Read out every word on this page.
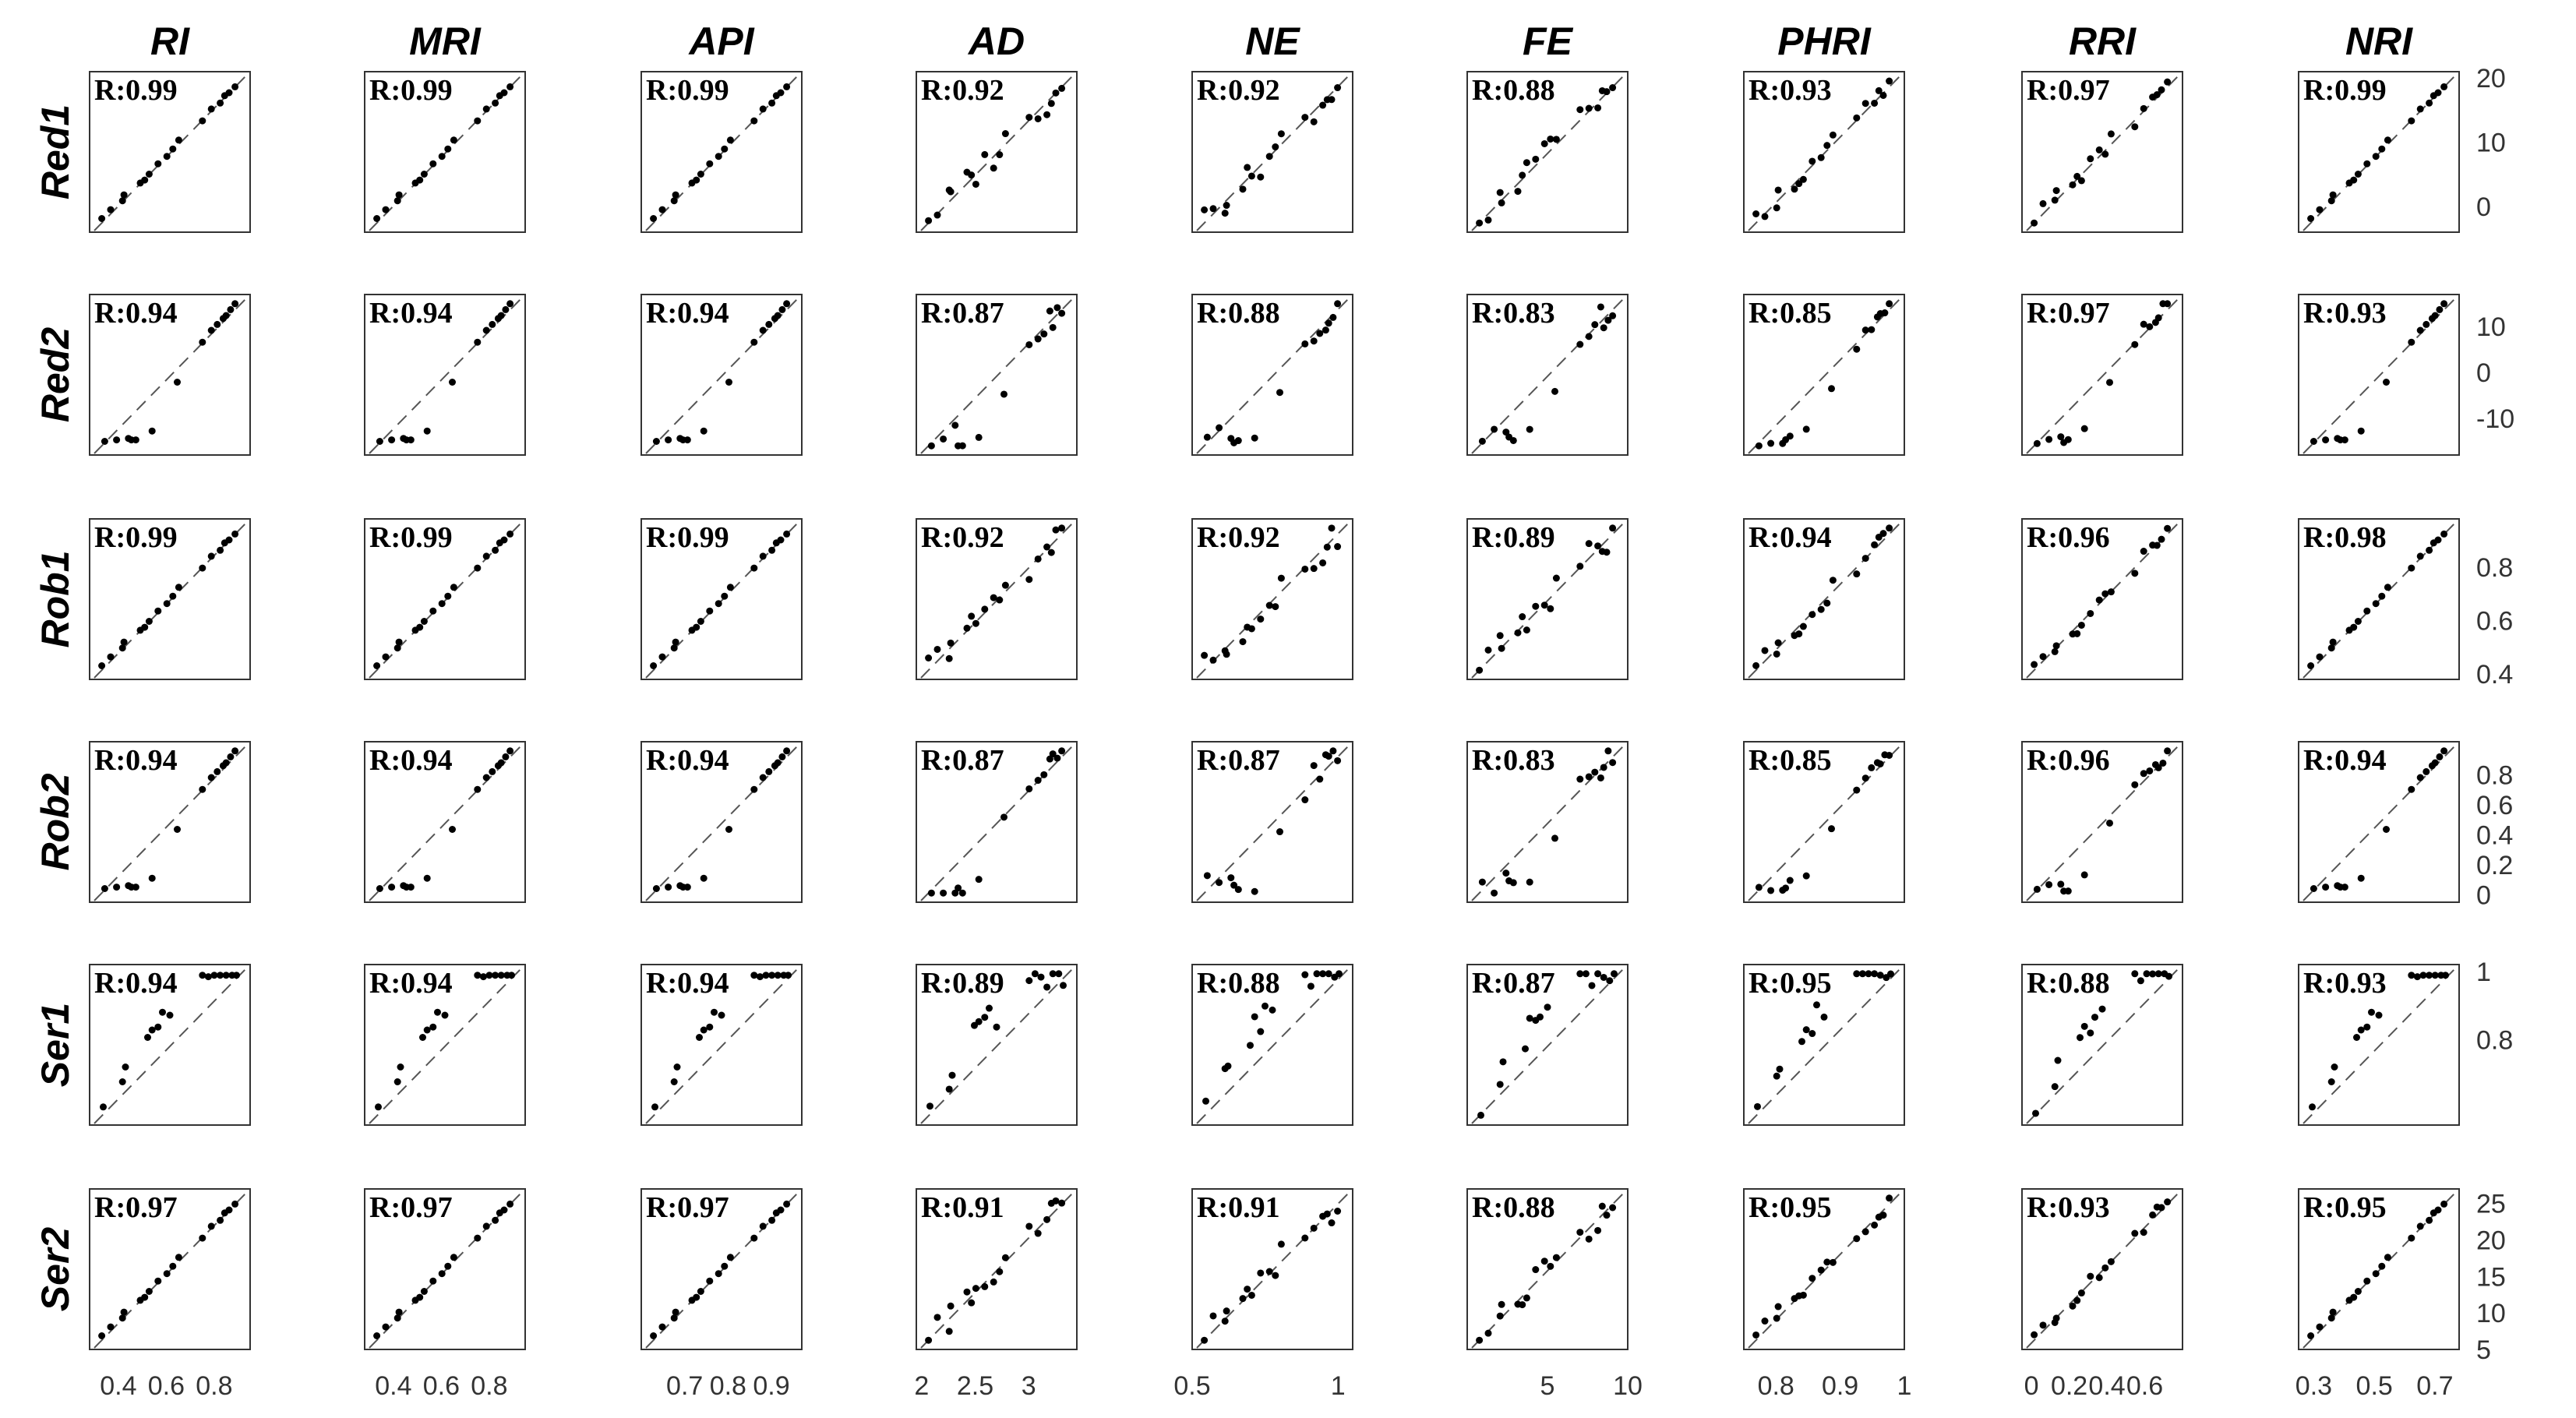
RI	MRI	API	AD	NE	FE	PHRI	RRI	NRI
Red1
Red2
Rob1
Rob2
Ser1
Ser2
R:0.99	R:0.99	R:0.99	R:0.92	R:0.92	R:0.88	R:0.93	R:0.97	R:0.99
R:0.94	R:0.94	R:0.94	R:0.87	R:0.88	R:0.83	R:0.85	R:0.97	R:0.93
R:0.99	R:0.99	R:0.99	R:0.92	R:0.92	R:0.89	R:0.94	R:0.96	R:0.98
R:0.94	R:0.94	R:0.94	R:0.87	R:0.87	R:0.83	R:0.85	R:0.96	R:0.94
R:0.94	R:0.94	R:0.94	R:0.89	R:0.88	R:0.87	R:0.95	R:0.88	R:0.93
R:0.97	R:0.97	R:0.97	R:0.91	R:0.91	R:0.88	R:0.95	R:0.93	R:0.95
0.4 0.6 0.8	0.4 0.6 0.8	0.7 0.8 0.9	2 2.5 3	0.5	1	5 10	0.8 0.9 1	0 0.2 0.4 0.6	0.3 0.5 0.7
20
10
0
10
0
-10
0.8
0.6
0.4
0.8
0.6
0.4
0.2
0
1
0.8
25
20
15
10
5
